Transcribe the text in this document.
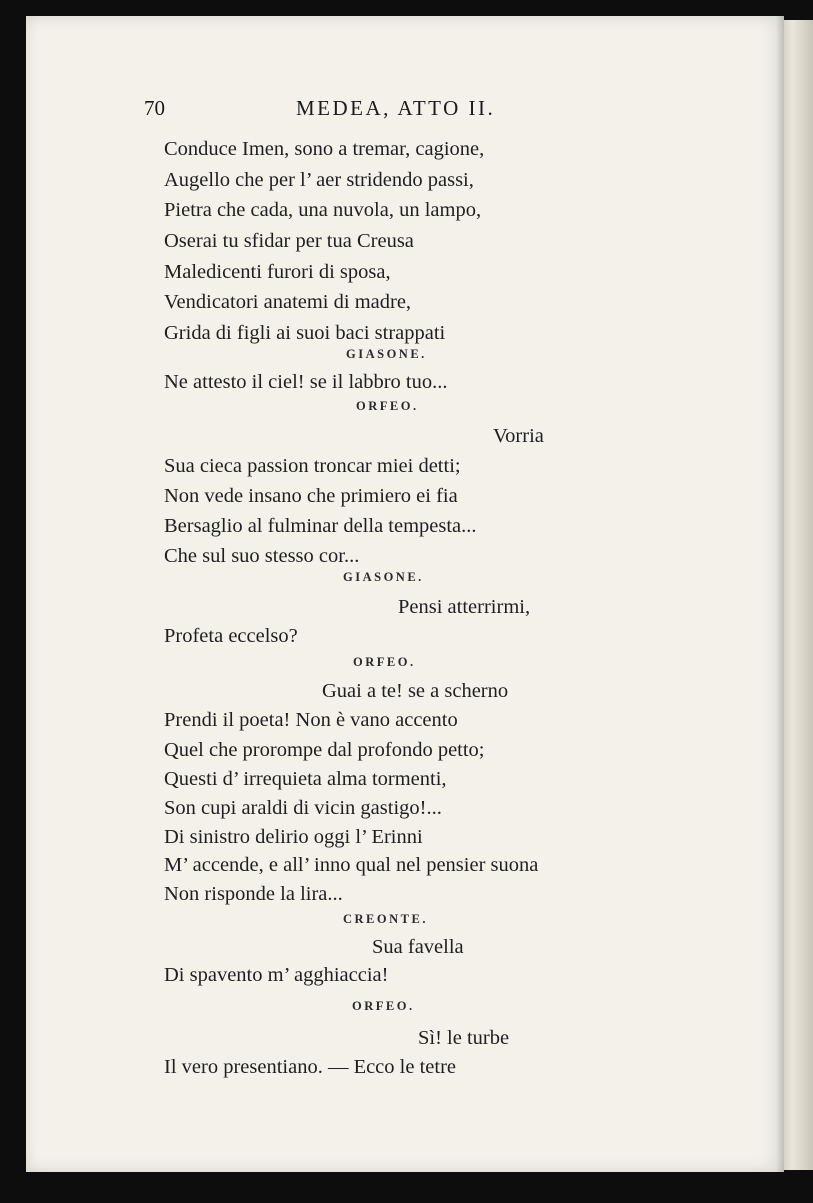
70	MEDEA, ATTO II.
Conduce Imen, sono a tremar, cagione,
Augello che per l’ aer stridendo passi,
Pietra che cada, una nuvola, un lampo,
Oserai tu sfidar per tua Creusa
Maledicenti furori di sposa,
Vendicatori anatemi di madre,
Grida di figli ai suoi baci strappati
GIASONE.
Ne attesto il ciel! se il labbro tuo...
ORFEO.
Vorria
Sua cieca passion troncar miei detti;
Non vede insano che primiero ei fia
Bersaglio al fulminar della tempesta...
Che sul suo stesso cor...
GIASONE.
Pensi atterrirmi,
Profeta eccelso?
ORFEO.
Guai a te! se a scherno
Prendi il poeta! Non è vano accento
Quel che prorompe dal profondo petto;
Questi d’ irrequieta alma tormenti,
Son cupi araldi di vicin gastigo!...
Di sinistro delirio oggi l’ Erinni
M’ accende, e all’ inno qual nel pensier suona
Non risponde la lira...
CREONTE.
Sua favella
Di spavento m’ agghiaccia!
ORFEO.
Sì! le turbe
Il vero presentiano. — Ecco le tetre
